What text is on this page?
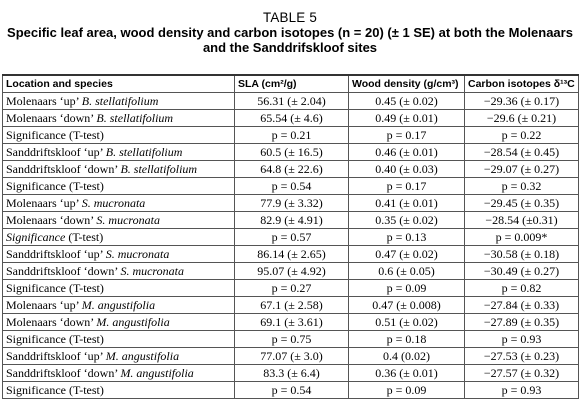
TABLE 5
Specific leaf area, wood density and carbon isotopes (n = 20) (± 1 SE) at both the Molenaars
and the Sanddrifskloof sites
Location and species	SLA (cm²/g)	Wood density (g/cm³)	Carbon isotopes δ¹³C
Molenaars ‘up’ B. stellatifolium	56.31 (± 2.04)	0.45 (± 0.02)	−29.36 (± 0.17)
Molenaars ‘down’ B. stellatifolium	65.54 (± 4.6)	0.49 (± 0.01)	−29.6 (± 0.21)
Significance (T-test)	p = 0.21	p = 0.17	p = 0.22
Sanddriftskloof ‘up’ B. stellatifolium	60.5 (± 16.5)	0.46 (± 0.01)	−28.54 (± 0.45)
Sanddriftskloof ‘down’ B. stellatifolium	64.8 (± 22.6)	0.40 (± 0.03)	−29.07 (± 0.27)
Significance (T-test)	p = 0.54	p = 0.17	p = 0.32
Molenaars ‘up’ S. mucronata	77.9 (± 3.32)	0.41 (± 0.01)	−29.45 (± 0.35)
Molenaars ‘down’ S. mucronata	82.9 (± 4.91)	0.35 (± 0.02)	−28.54 (±0.31)
Significance (T-test)	p = 0.57	p = 0.13	p = 0.009*
Sanddriftskloof ‘up’ S. mucronata	86.14 (± 2.65)	0.47 (± 0.02)	−30.58 (± 0.18)
Sanddriftskloof ‘down’ S. mucronata	95.07 (± 4.92)	0.6 (± 0.05)	−30.49 (± 0.27)
Significance (T-test)	p = 0.27	p = 0.09	p = 0.82
Molenaars ‘up’ M. angustifolia	67.1 (± 2.58)	0.47 (± 0.008)	−27.84 (± 0.33)
Molenaars ‘down’ M. angustifolia	69.1 (± 3.61)	0.51 (± 0.02)	−27.89 (± 0.35)
Significance (T-test)	p = 0.75	p = 0.18	p = 0.93
Sanddriftskloof ‘up’ M. angustifolia	77.07 (± 3.0)	0.4 (0.02)	−27.53 (± 0.23)
Sanddriftskloof ‘down’ M. angustifolia	83.3 (± 6.4)	0.36 (± 0.01)	−27.57 (± 0.32)
Significance (T-test)	p = 0.54	p = 0.09	p = 0.93
